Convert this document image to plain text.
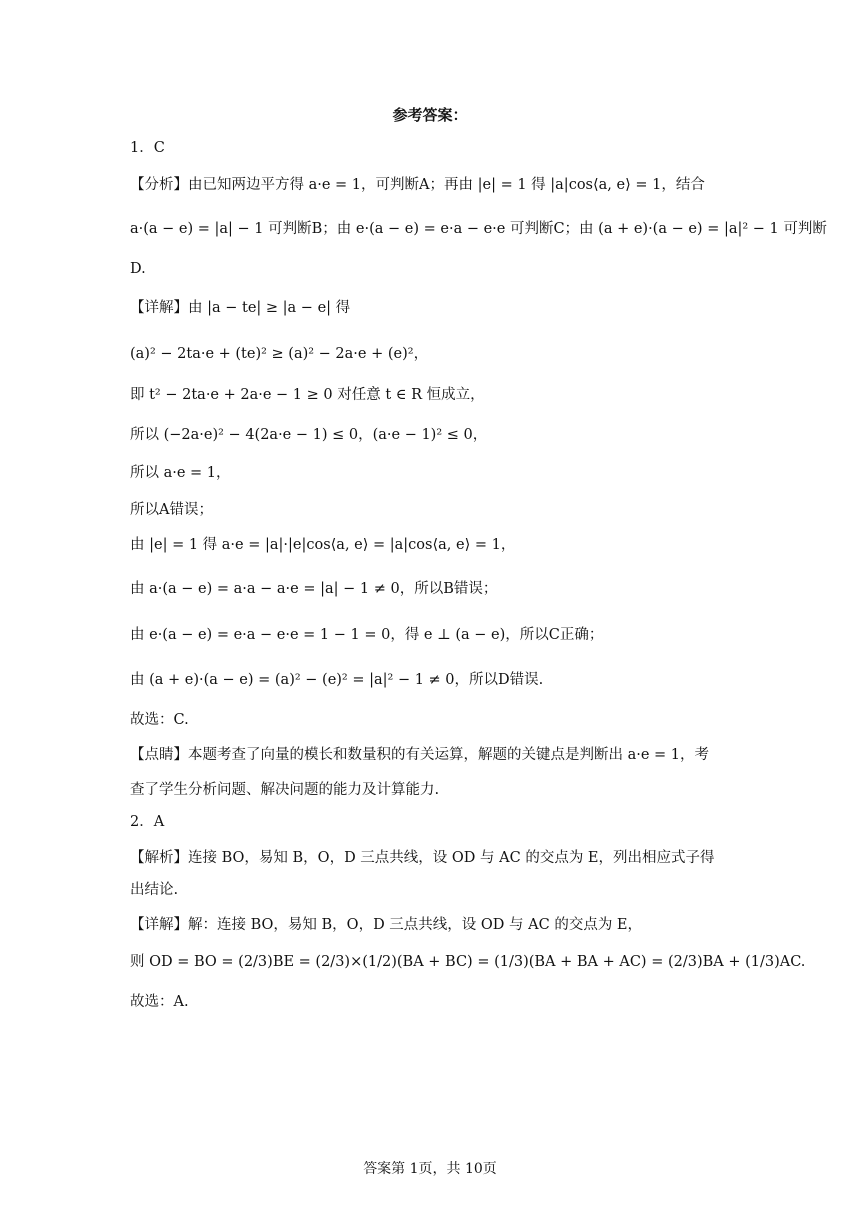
参考答案：
1．C
【分析】由已知两边平方得 a·e = 1，可判断A；再由 |e| = 1 得 |a|cos⟨a, e⟩ = 1，结合
a·(a − e) = |a| − 1 可判断B；由 e·(a − e) = e·a − e·e 可判断C；由 (a + e)·(a − e) = |a|² − 1 可判断
D.
【详解】由 |a − te| ≥ |a − e| 得
(a)² − 2ta·e + (te)² ≥ (a)² − 2a·e + (e)²，
即 t² − 2ta·e + 2a·e − 1 ≥ 0 对任意 t ∈ R 恒成立，
所以 (−2a·e)² − 4(2a·e − 1) ≤ 0，(a·e − 1)² ≤ 0，
所以 a·e = 1，
所以A错误；
由 |e| = 1 得 a·e = |a|·|e|cos⟨a, e⟩ = |a|cos⟨a, e⟩ = 1，
由 a·(a − e) = a·a − a·e = |a| − 1 ≠ 0，所以B错误；
由 e·(a − e) = e·a − e·e = 1 − 1 = 0，得 e ⊥ (a − e)，所以C正确；
由 (a + e)·(a − e) = (a)² − (e)² = |a|² − 1 ≠ 0，所以D错误.
故选：C.
【点睛】本题考查了向量的模长和数量积的有关运算，解题的关键点是判断出 a·e = 1，考
查了学生分析问题、解决问题的能力及计算能力.
2．A
【解析】连接 BO，易知 B，O，D 三点共线，设 OD 与 AC 的交点为 E，列出相应式子得
出结论.
【详解】解：连接 BO，易知 B，O，D 三点共线，设 OD 与 AC 的交点为 E，
则 OD = BO = (2/3)BE = (2/3)×(1/2)(BA + BC) = (1/3)(BA + BA + AC) = (2/3)BA + (1/3)AC.
故选：A.
答案第 1页，共 10页
